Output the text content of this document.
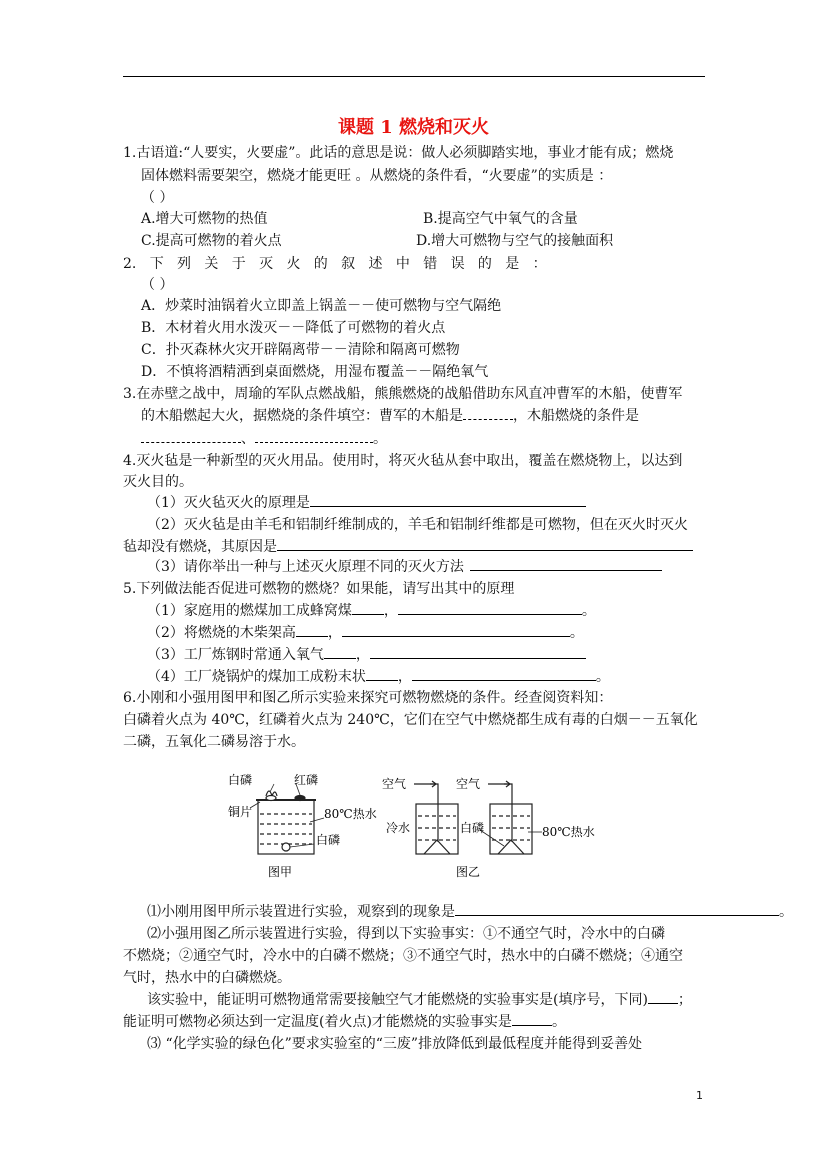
课题 1 燃烧和灭火
1.古语道:“人要实，火要虚”。此话的意思是说：做人必须脚踏实地，事业才能有成；燃烧
固体燃料需要架空，燃烧才能更旺 。从燃烧的条件看，“火要虚”的实质是 ：
（ ）
A.增大可燃物的热值	B.提高空气中氧气的含量
C.提高可燃物的着火点	D.增大可燃物与空气的接触面积
2.   下   列   关   于   灭   火   的   叙   述   中   错   误   的   是   ：
（ ）
A．炒菜时油锅着火立即盖上锅盖－－使可燃物与空气隔绝
B．木材着火用水泼灭－－降低了可燃物的着火点
C．扑灭森林火灾开辟隔离带－－清除和隔离可燃物
D．不慎将酒精洒到桌面燃烧，用湿布覆盖－－隔绝氧气
3.在赤壁之战中，周瑜的军队点燃战船，熊熊燃烧的战船借助东风直冲曹军的木船，使曹军
的木船燃起大火，据燃烧的条件填空：曹军的木船是	，木船燃烧的条件是
、	。
4.灭火毡是一种新型的灭火用品。使用时，将灭火毡从套中取出，覆盖在燃烧物上，以达到
灭火目的。
（1）灭火毡灭火的原理是
（2）灭火毡是由羊毛和铝制纤维制成的，羊毛和铝制纤维都是可燃物，但在灭火时灭火
毡却没有燃烧，其原因是
（3）请你举出一种与上述灭火原理不同的灭火方法
5.下列做法能否促进可燃物的燃烧？如果能，请写出其中的原理
（1）家庭用的燃煤加工成蜂窝煤 ，	。
（2）将燃烧的木柴架高 ，	。
（3）工厂炼钢时常通入氧气 ，
（4）工厂烧锅炉的煤加工成粉末状 ，	。
6.小刚和小强用图甲和图乙所示实验来探究可燃物燃烧的条件。经查阅资料知：
白磷着火点为 40℃，红磷着火点为 240℃，它们在空气中燃烧都生成有毒的白烟－－五氧化
二磷，五氧化二磷易溶于水。
白磷	红磷
铜片	80℃热水
白磷
图甲
空气	空气
冷水	白磷	80℃热水
图乙
⑴小刚用图甲所示装置进行实验，观察到的现象是	。
⑵小强用图乙所示装置进行实验，得到以下实验事实：①不通空气时，冷水中的白磷
不燃烧；②通空气时，冷水中的白磷不燃烧；③不通空气时，热水中的白磷不燃烧；④通空
气时，热水中的白磷燃烧。
该实验中，能证明可燃物通常需要接触空气才能燃烧的实验事实是(填序号，下同) ；
能证明可燃物必须达到一定温度(着火点)才能燃烧的实验事实是	。
⑶ “化学实验的绿色化”要求实验室的“三废”排放降低到最低程度并能得到妥善处
1
